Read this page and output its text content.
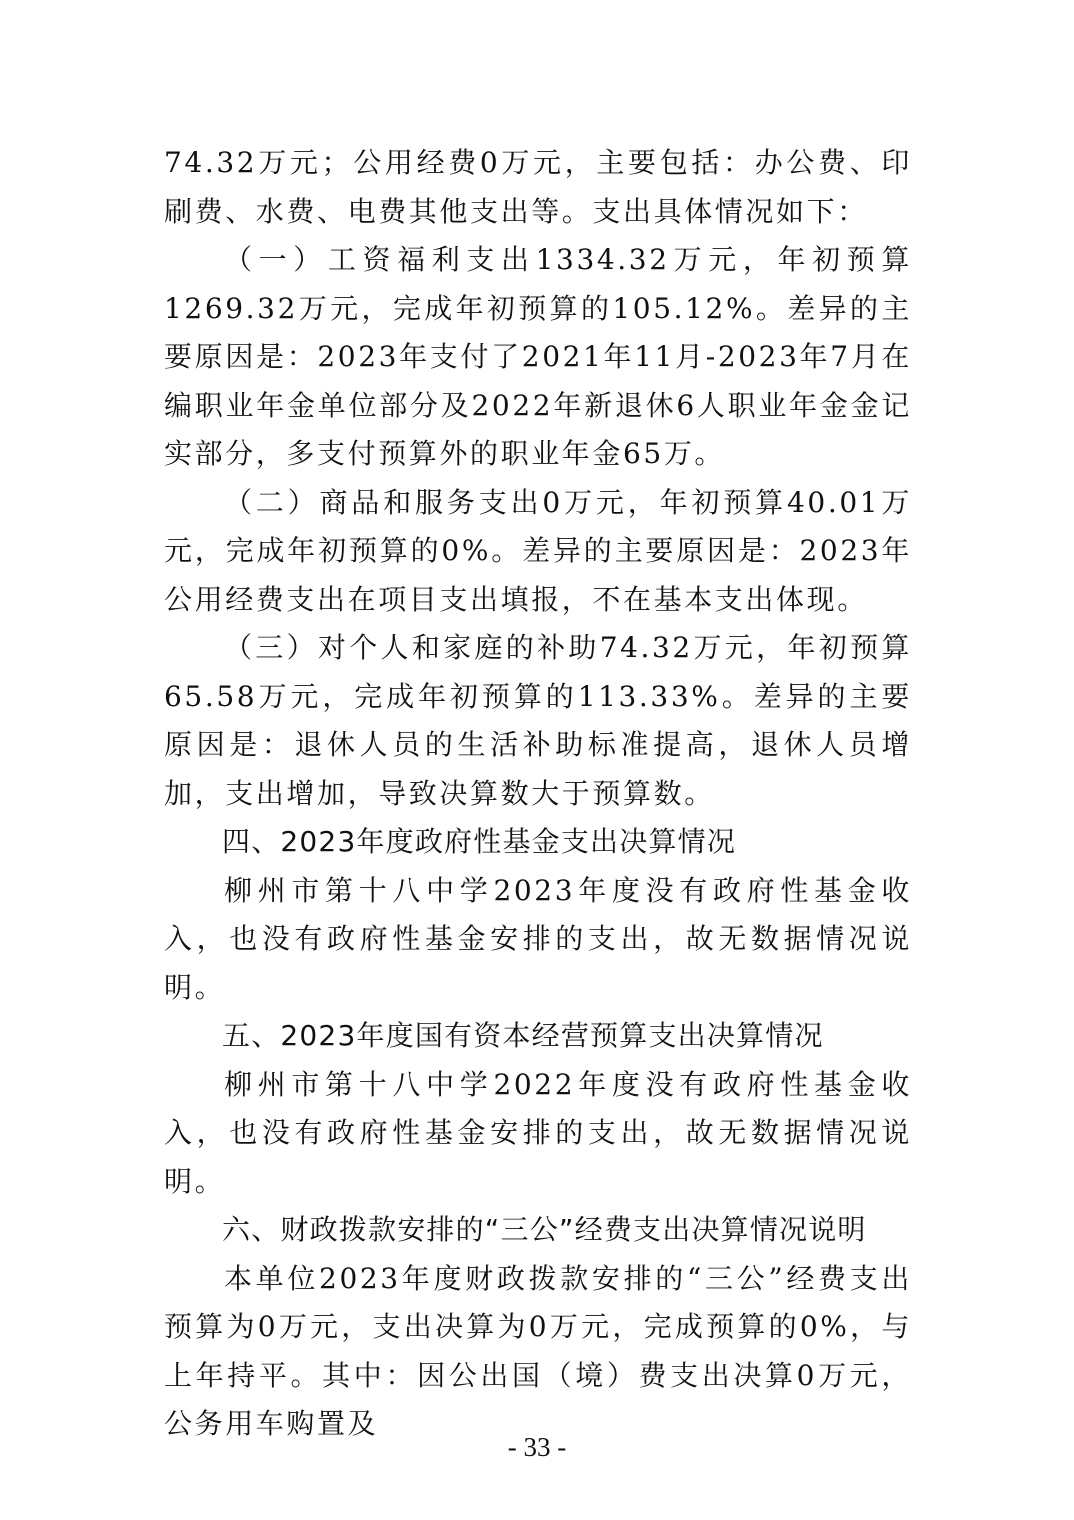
74.32万元；公用经费0万元，主要包括：办公费、印刷费、水费、电费其他支出等。支出具体情况如下：

（一）工资福利支出1334.32万元，年初预算1269.32万元，完成年初预算的105.12%。差异的主要原因是：2023年支付了2021年11月-2023年7月在编职业年金单位部分及2022年新退休6人职业年金金记实部分，多支付预算外的职业年金65万。

（二）商品和服务支出0万元，年初预算40.01万元，完成年初预算的0%。差异的主要原因是：2023年公用经费支出在项目支出填报，不在基本支出体现。

（三）对个人和家庭的补助74.32万元，年初预算65.58万元，完成年初预算的113.33%。差异的主要原因是：退休人员的生活补助标准提高，退休人员增加，支出增加，导致决算数大于预算数。

四、2023年度政府性基金支出决算情况

柳州市第十八中学2023年度没有政府性基金收入，也没有政府性基金安排的支出，故无数据情况说明。

五、2023年度国有资本经营预算支出决算情况

柳州市第十八中学2022年度没有政府性基金收入，也没有政府性基金安排的支出，故无数据情况说明。

六、财政拨款安排的“三公”经费支出决算情况说明

本单位2023年度财政拨款安排的“三公”经费支出预算为0万元，支出决算为0万元，完成预算的0%，与上年持平。其中：因公出国（境）费支出决算0万元，公务用车购置及

- 33 -
